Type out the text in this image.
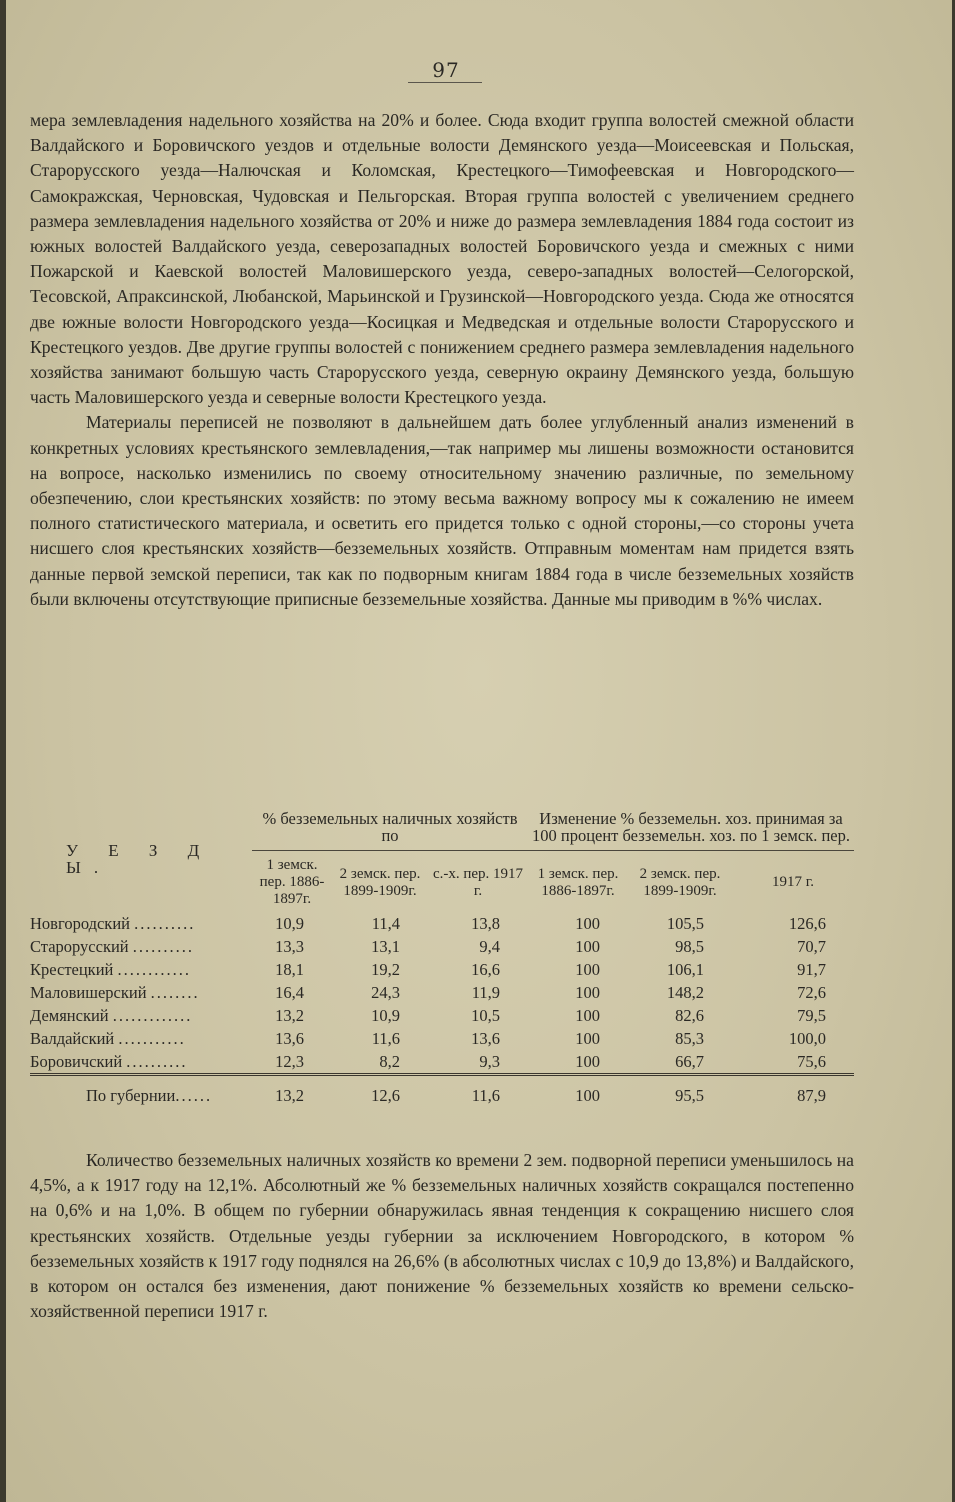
97

мера землевладения надельного хозяйства на 20% и более. Сюда входит группа волостей смежной области Валдайского и Боровичского уездов и отдельные волости Демянского уезда—Моисеевская и Польская, Старорусского уезда—Налючская и Коломская, Крестецкого—Тимофеевская и Новгородского—Самокражская, Черновская, Чудовская и Пельгорская. Вторая группа волостей с увеличением среднего размера землевладения надельного хозяйства от 20% и ниже до размера землевладения 1884 года состоит из южных волостей Валдайского уезда, северозападных волостей Боровичского уезда и смежных с ними Пожарской и Каевской волостей Маловишерского уезда, северо-западных волостей—Селогорской, Тесовской, Апраксинской, Любанской, Марьинской и Грузинской—Новгородского уезда. Сюда же относятся две южные волости Новгородского уезда—Косицкая и Медведская и отдельные волости Старорусского и Крестецкого уездов. Две другие группы волостей с понижением среднего размера землевладения надельного хозяйства занимают большую часть Старорусского уезда, северную окраину Демянского уезда, большую часть Маловишерского уезда и северные волости Крестецкого уезда.

Материалы переписей не позволяют в дальнейшем дать более углубленный анализ изменений в конкретных условиях крестьянского землевладения,—так например мы лишены возможности остановится на вопросе, насколько изменились по своему относительному значению различные, по земельному обезпечению, слои крестьянских хозяйств: по этому весьма важному вопросу мы к сожалению не имеем полного статистического материала, и осветить его придется только с одной стороны,—со стороны учета нисшего слоя крестьянских хозяйств—безземельных хозяйств. Отправным моментам нам придется взять данные первой земской переписи, так как по подворным книгам 1884 года в числе безземельных хозяйств были включены отсутствующие приписные безземельные хозяйства. Данные мы приводим в %% числах.

У Е З Д Ы.	% безземельных наличных хозяйств по			Изменение % безземельн. хоз. принимая за 100 процент безземельн. хоз. по 1 земск. пер.		
	1 земск. пер. 1886-1897г.	2 земск. пер. 1899-1909г.	с.-х. пер. 1917 г.	1 земск. пер. 1886-1897г.	2 земск. пер. 1899-1909г.	1917 г.
Новгородский ..........	10,9	11,4	13,8	100	105,5	126,6
Старорусский ..........	13,3	13,1	9,4	100	98,5	70,7
Крестецкий ............	18,1	19,2	16,6	100	106,1	91,7
Маловишерский ........	16,4	24,3	11,9	100	148,2	72,6
Демянский .............	13,2	10,9	10,5	100	82,6	79,5
Валдайский ...........	13,6	11,6	13,6	100	85,3	100,0
Боровичский ..........	12,3	8,2	9,3	100	66,7	75,6
По губернии......	13,2	12,6	11,6	100	95,5	87,9
Количество безземельных наличных хозяйств ко времени 2 зем. подворной переписи уменьшилось на 4,5%, а к 1917 году на 12,1%. Абсолютный же % безземельных наличных хозяйств сокращался постепенно на 0,6% и на 1,0%. В общем по губернии обнаружилась явная тенденция к сокращению нисшего слоя крестьянских хозяйств. Отдельные уезды губернии за исключением Новгородского, в котором % безземельных хозяйств к 1917 году поднялся на 26,6% (в абсолютных числах с 10,9 до 13,8%) и Валдайского, в котором он остался без изменения, дают понижение % безземельных хозяйств ко времени сельско-хозяйственной переписи 1917 г.
